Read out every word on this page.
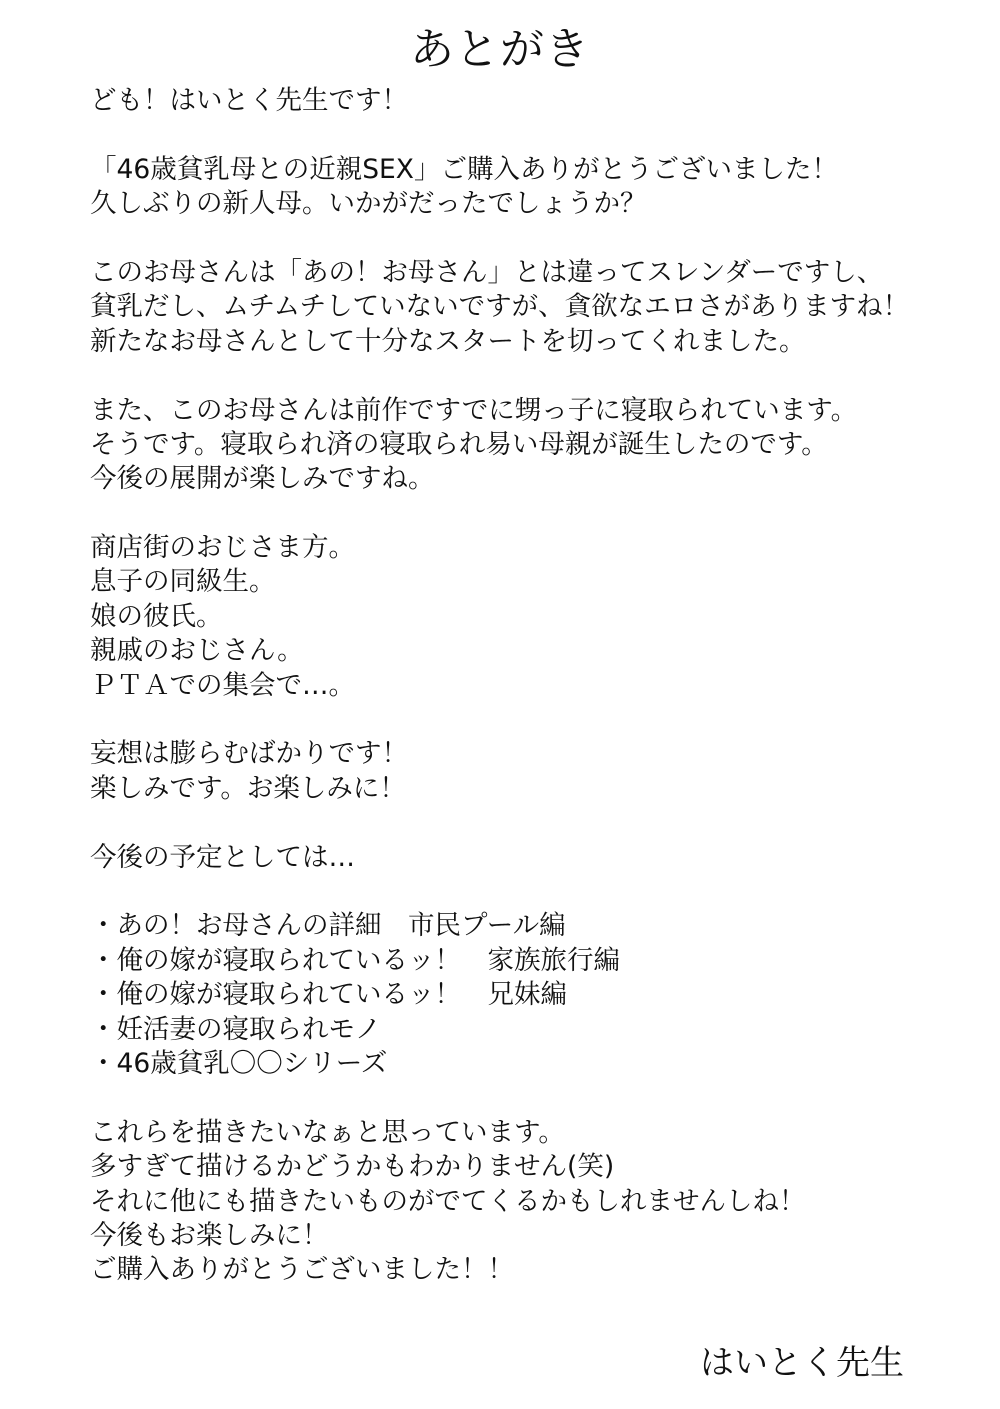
あとがき
ども！はいとく先生です！
「46歳貧乳母との近親SEX」ご購入ありがとうございました！
久しぶりの新人母。いかがだったでしょうか？
このお母さんは「あの！お母さん」とは違ってスレンダーですし、
貧乳だし、ムチムチしていないですが、貪欲なエロさがありますね！
新たなお母さんとして十分なスタートを切ってくれました。
また、このお母さんは前作ですでに甥っ子に寝取られています。
そうです。寝取られ済の寝取られ易い母親が誕生したのです。
今後の展開が楽しみですね。
商店街のおじさま方。
息子の同級生。
娘の彼氏。
親戚のおじさん。
ＰＴＡでの集会で…。
妄想は膨らむばかりです！
楽しみです。お楽しみに！
今後の予定としては…
・あの！お母さんの詳細　市民プール編
・俺の嫁が寝取られているッ！　家族旅行編
・俺の嫁が寝取られているッ！　兄妹編
・妊活妻の寝取られモノ
・46歳貧乳〇〇シリーズ
これらを描きたいなぁと思っています。
多すぎて描けるかどうかもわかりません(笑)
それに他にも描きたいものがでてくるかもしれませんしね！
今後もお楽しみに！
ご購入ありがとうございました！！
はいとく先生
